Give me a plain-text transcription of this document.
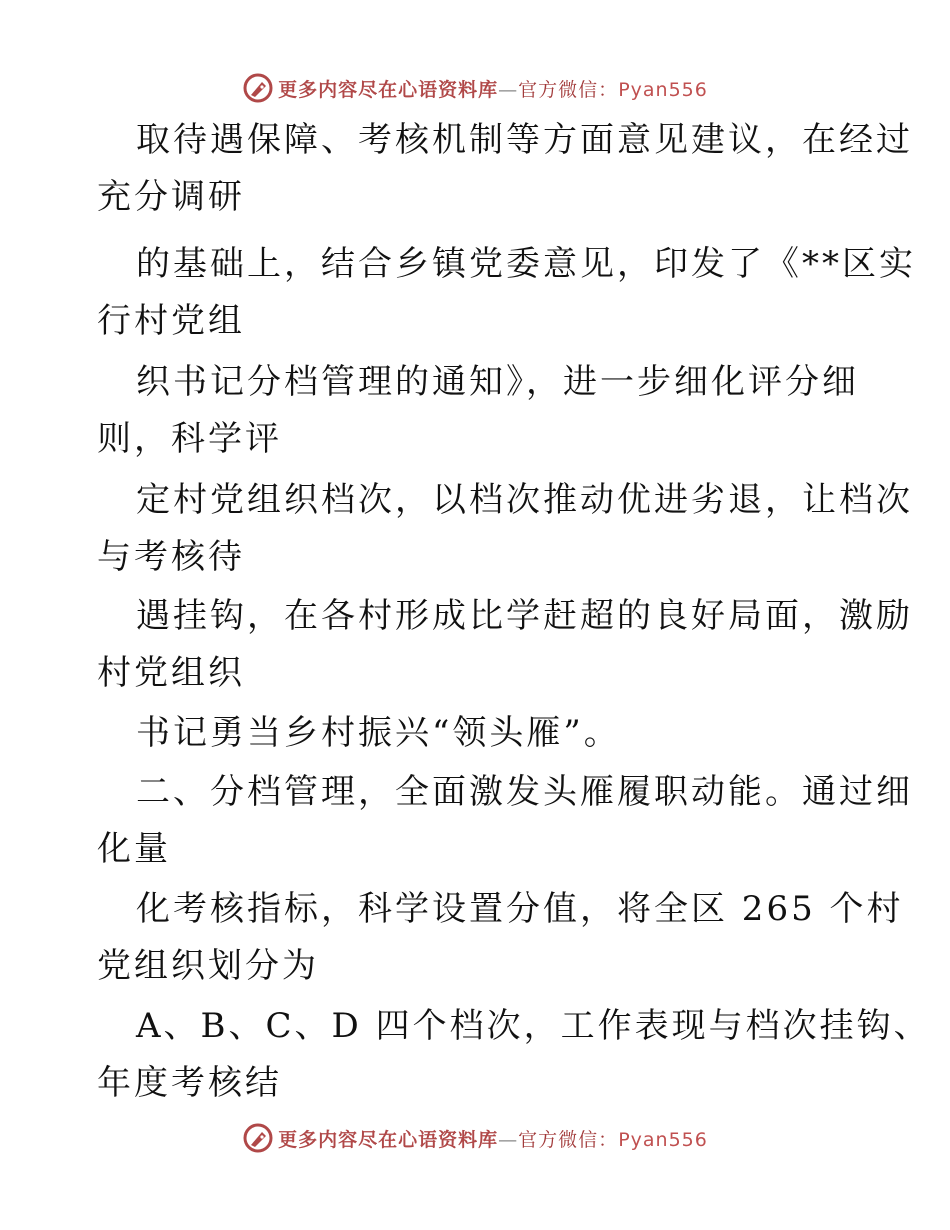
更多内容尽在心语资料库—官方微信：Pyan556
取待遇保障、考核机制等方面意见建议，在经过
充分调研
的基础上，结合乡镇党委意见，印发了《**区实
行村党组
织书记分档管理的通知》，进一步细化评分细
则，科学评
定村党组织档次，以档次推动优进劣退，让档次
与考核待
遇挂钩，在各村形成比学赶超的良好局面，激励
村党组织
书记勇当乡村振兴“领头雁”。
二、分档管理，全面激发头雁履职动能。通过细
化量
化考核指标，科学设置分值，将全区 265 个村
党组织划分为
A、B、C、D 四个档次，工作表现与档次挂钩、
年度考核结
更多内容尽在心语资料库—官方微信：Pyan556
